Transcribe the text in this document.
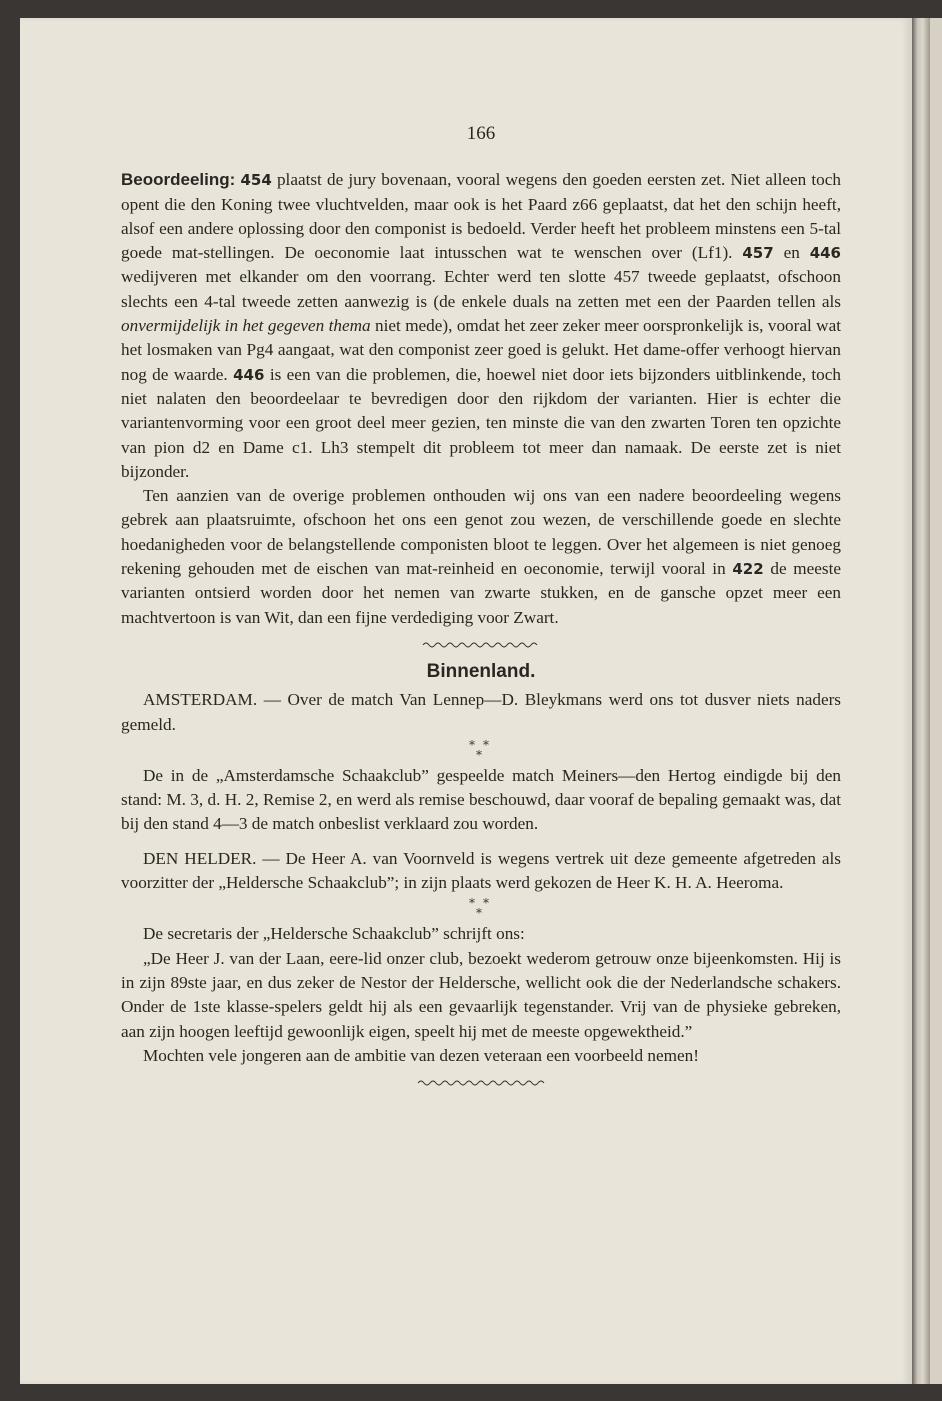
166

Beoordeeling: 454 plaatst de jury bovenaan, vooral wegens den goeden eersten zet. Niet alleen toch opent die den Koning twee vluchtvelden, maar ook is het Paard z66 geplaatst, dat het den schijn heeft, alsof een andere oplossing door den componist is bedoeld. Verder heeft het probleem minstens een 5-tal goede mat-stellingen. De oeconomie laat intusschen wat te wenschen over (Lf1). 457 en 446 wedijveren met elkander om den voorrang. Echter werd ten slotte 457 tweede geplaatst, ofschoon slechts een 4-tal tweede zetten aanwezig is (de enkele duals na zetten met een der Paarden tellen als onvermijdelijk in het gegeven thema niet mede), omdat het zeer zeker meer oorspronkelijk is, vooral wat het losmaken van Pg4 aangaat, wat den componist zeer goed is gelukt. Het dame-offer verhoogt hiervan nog de waarde. 446 is een van die problemen, die, hoewel niet door iets bijzonders uitblinkende, toch niet nalaten den beoordeelaar te bevredigen door den rijkdom der varianten. Hier is echter die variantenvorming voor een groot deel meer gezien, ten minste die van den zwarten Toren ten opzichte van pion d2 en Dame c1. Lh3 stempelt dit probleem tot meer dan namaak. De eerste zet is niet bijzonder.

Ten aanzien van de overige problemen onthouden wij ons van een nadere beoordeeling wegens gebrek aan plaatsruimte, ofschoon het ons een genot zou wezen, de verschillende goede en slechte hoedanigheden voor de belangstellende componisten bloot te leggen. Over het algemeen is niet genoeg rekening gehouden met de eischen van mat-reinheid en oeconomie, terwijl vooral in 422 de meeste varianten ontsierd worden door het nemen van zwarte stukken, en de gansche opzet meer een machtvertoon is van Wit, dan een fijne verdediging voor Zwart.

Binnenland.

AMSTERDAM. — Over de match Van Lennep—D. Bleykmans werd ons tot dusver niets naders gemeld.

* *
*

De in de „Amsterdamsche Schaakclub” gespeelde match Meiners—den Hertog eindigde bij den stand: M. 3, d. H. 2, Remise 2, en werd als remise beschouwd, daar vooraf de bepaling gemaakt was, dat bij den stand 4—3 de match onbeslist verklaard zou worden.

DEN HELDER. — De Heer A. van Voornveld is wegens vertrek uit deze gemeente afgetreden als voorzitter der „Heldersche Schaakclub”; in zijn plaats werd gekozen de Heer K. H. A. Heeroma.

* *
*

De secretaris der „Heldersche Schaakclub” schrijft ons:

„De Heer J. van der Laan, eere-lid onzer club, bezoekt wederom getrouw onze bijeenkomsten. Hij is in zijn 89ste jaar, en dus zeker de Nestor der Heldersche, wellicht ook die der Nederlandsche schakers. Onder de 1ste klasse-spelers geldt hij als een gevaarlijk tegenstander. Vrij van de physieke gebreken, aan zijn hoogen leeftijd gewoonlijk eigen, speelt hij met de meeste opgewektheid.”

Mochten vele jongeren aan de ambitie van dezen veteraan een voorbeeld nemen!
